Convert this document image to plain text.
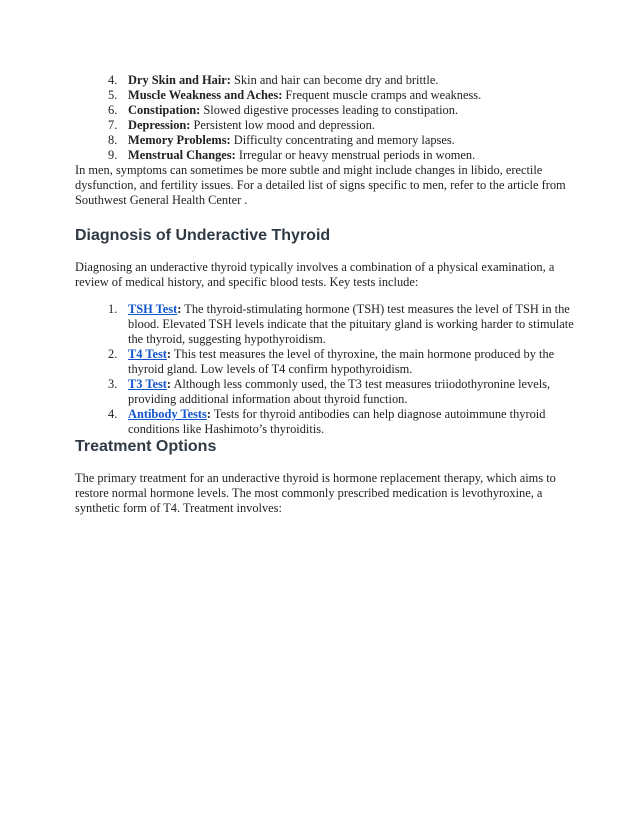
4. Dry Skin and Hair: Skin and hair can become dry and brittle.
5. Muscle Weakness and Aches: Frequent muscle cramps and weakness.
6. Constipation: Slowed digestive processes leading to constipation.
7. Depression: Persistent low mood and depression.
8. Memory Problems: Difficulty concentrating and memory lapses.
9. Menstrual Changes: Irregular or heavy menstrual periods in women.

In men, symptoms can sometimes be more subtle and might include changes in libido, erectile dysfunction, and fertility issues. For a detailed list of signs specific to men, refer to the article from Southwest General Health Center .

Diagnosis of Underactive Thyroid

Diagnosing an underactive thyroid typically involves a combination of a physical examination, a review of medical history, and specific blood tests. Key tests include:

1. TSH Test: The thyroid-stimulating hormone (TSH) test measures the level of TSH in the blood. Elevated TSH levels indicate that the pituitary gland is working harder to stimulate the thyroid, suggesting hypothyroidism.
2. T4 Test: This test measures the level of thyroxine, the main hormone produced by the thyroid gland. Low levels of T4 confirm hypothyroidism.
3. T3 Test: Although less commonly used, the T3 test measures triiodothyronine levels, providing additional information about thyroid function.
4. Antibody Tests: Tests for thyroid antibodies can help diagnose autoimmune thyroid conditions like Hashimoto’s thyroiditis.
Treatment Options

The primary treatment for an underactive thyroid is hormone replacement therapy, which aims to restore normal hormone levels. The most commonly prescribed medication is levothyroxine, a synthetic form of T4. Treatment involves:
